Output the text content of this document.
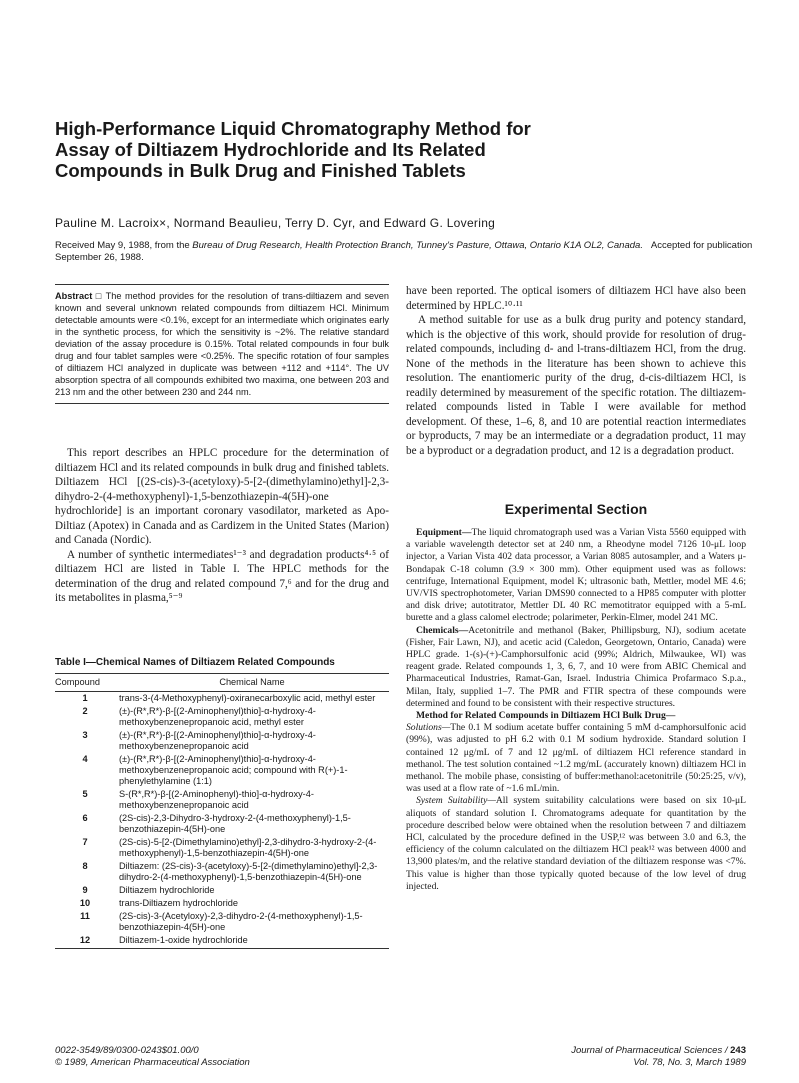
High-Performance Liquid Chromatography Method for Assay of Diltiazem Hydrochloride and Its Related Compounds in Bulk Drug and Finished Tablets
Pauline M. Lacroix×, Normand Beaulieu, Terry D. Cyr, and Edward G. Lovering
Received May 9, 1988, from the Bureau of Drug Research, Health Protection Branch, Tunney's Pasture, Ottawa, Ontario K1A OL2, Canada. Accepted for publication September 26, 1988.
Abstract □ The method provides for the resolution of trans-diltiazem and seven known and several unknown related compounds from diltiazem HCl. Minimum detectable amounts were <0.1%, except for an intermediate which originates early in the synthetic process, for which the sensitivity is ~2%. The relative standard deviation of the assay procedure is 0.15%. Total related compounds in four bulk drug and four tablet samples were <0.25%. The specific rotation of four samples of diltiazem HCl analyzed in duplicate was between +112 and +114°. The UV absorption spectra of all compounds exhibited two maxima, one between 203 and 213 nm and the other between 230 and 244 nm.

This report describes an HPLC procedure for the determination of diltiazem HCl and its related compounds in bulk drug and finished tablets. Diltiazem HCl [(2S-cis)-3-(acetyloxy)-5-[2-(dimethylamino)ethyl]-2,3-dihydro-2-(4-methoxyphenyl)-1,5-benzothiazepin-4(5H)-one hydrochloride] is an important coronary vasodilator, marketed as Apo-Diltiaz (Apotex) in Canada and as Cardizem in the United States (Marion) and Canada (Nordic).

A number of synthetic intermediates¹⁻³ and degradation products⁴·⁵ of diltiazem HCl are listed in Table I. The HPLC methods for the determination of the drug and related compound 7,⁶ and for the drug and its metabolites in plasma,⁵⁻⁹

Table I—Chemical Names of Diltiazem Related Compounds
Compound	Chemical Name
1	trans-3-(4-Methoxyphenyl)-oxiranecarboxylic acid, methyl ester
2	(±)-(R*,R*)-β-[(2-Aminophenyl)thio]-α-hydroxy-4-methoxybenzenepropanoic acid, methyl ester
3	(±)-(R*,R*)-β-[(2-Aminophenyl)thio]-α-hydroxy-4-methoxybenzenepropanoic acid
4	(±)-(R*,R*)-β-[(2-Aminophenyl)thio]-α-hydroxy-4-methoxybenzenepropanoic acid; compound with R(+)-1-phenylethylamine (1:1)
5	S-(R*,R*)-β-[(2-Aminophenyl)-thio]-α-hydroxy-4-methoxybenzenepropanoic acid
6	(2S-cis)-2,3-Dihydro-3-hydroxy-2-(4-methoxyphenyl)-1,5-benzothiazepin-4(5H)-one
7	(2S-cis)-5-[2-(Dimethylamino)ethyl]-2,3-dihydro-3-hydroxy-2-(4-methoxyphenyl)-1,5-benzothiazepin-4(5H)-one
8	Diltiazem: (2S-cis)-3-(acetyloxy)-5-[2-(dimethylamino)ethyl]-2,3-dihydro-2-(4-methoxyphenyl)-1,5-benzothiazepin-4(5H)-one
9	Diltiazem hydrochloride
10	trans-Diltiazem hydrochloride
11	(2S-cis)-3-(Acetyloxy)-2,3-dihydro-2-(4-methoxyphenyl)-1,5-benzothiazepin-4(5H)-one
12	Diltiazem-1-oxide hydrochloride

have been reported. The optical isomers of diltiazem HCl have also been determined by HPLC.¹⁰·¹¹

A method suitable for use as a bulk drug purity and potency standard, which is the objective of this work, should provide for resolution of drug-related compounds, including d- and l-trans-diltiazem HCl, from the drug. None of the methods in the literature has been shown to achieve this resolution. The enantiomeric purity of the drug, d-cis-diltiazem HCl, is readily determined by measurement of the specific rotation. The diltiazem-related compounds listed in Table I were available for method development. Of these, 1–6, 8, and 10 are potential reaction intermediates or byproducts, 7 may be an intermediate or a degradation product, 11 may be a byproduct or a degradation product, and 12 is a degradation product.

Experimental Section

Equipment—The liquid chromatograph used was a Varian Vista 5560 equipped with a variable wavelength detector set at 240 nm, a Rheodyne model 7126 10-μL loop injector, a Varian Vista 402 data processor, a Varian 8085 autosampler, and a Waters μ-Bondapak C-18 column (3.9 × 300 mm). Other equipment used was as follows: centrifuge, International Equipment, model K; ultrasonic bath, Mettler, model ME 4.6; UV/VIS spectrophotometer, Varian DMS90 connected to a HP85 computer with plotter and disk drive; autotitrator, Mettler DL 40 RC memotitrator equipped with a 5-mL burette and a glass calomel electrode; polarimeter, Perkin-Elmer, model 241 MC.

Chemicals—Acetonitrile and methanol (Baker, Phillipsburg, NJ), sodium acetate (Fisher, Fair Lawn, NJ), and acetic acid (Caledon, Georgetown, Ontario, Canada) were HPLC grade. 1-(s)-(+)-Camphorsulfonic acid (99%; Aldrich, Milwaukee, WI) was reagent grade. Related compounds 1, 3, 6, 7, and 10 were from ABIC Chemical and Pharmaceutical Industries, Ramat-Gan, Israel. Industria Chimica Profarmaco S.p.a., Milan, Italy, supplied 1–7. The PMR and FTIR spectra of these compounds were determined and found to be consistent with their respective structures.

Method for Related Compounds in Diltiazem HCl Bulk Drug—

Solutions—The 0.1 M sodium acetate buffer containing 5 mM d-camphorsulfonic acid (99%), was adjusted to pH 6.2 with 0.1 M sodium hydroxide. Standard solution I contained 12 μg/mL of 7 and 12 μg/mL of diltiazem HCl reference standard in methanol. The test solution contained ~1.2 mg/mL (accurately known) diltiazem HCl in methanol. The mobile phase, consisting of buffer:methanol:acetonitrile (50:25:25, v/v), was used at a flow rate of ~1.6 mL/min.

System Suitability—All system suitability calculations were based on six 10-μL aliquots of standard solution I. Chromatograms adequate for quantitation by the procedure described below were obtained when the resolution between 7 and diltiazem HCl, calculated by the procedure defined in the USP,¹² was between 3.0 and 6.3, the efficiency of the column calculated on the diltiazem HCl peak¹² was between 4000 and 13,900 plates/m, and the relative standard deviation of the diltiazem response was <7%. This value is higher than those typically quoted because of the low level of drug injected.

0022-3549/89/0300-0243$01.00/0
© 1989, American Pharmaceutical Association
Journal of Pharmaceutical Sciences / 243
Vol. 78, No. 3, March 1989
